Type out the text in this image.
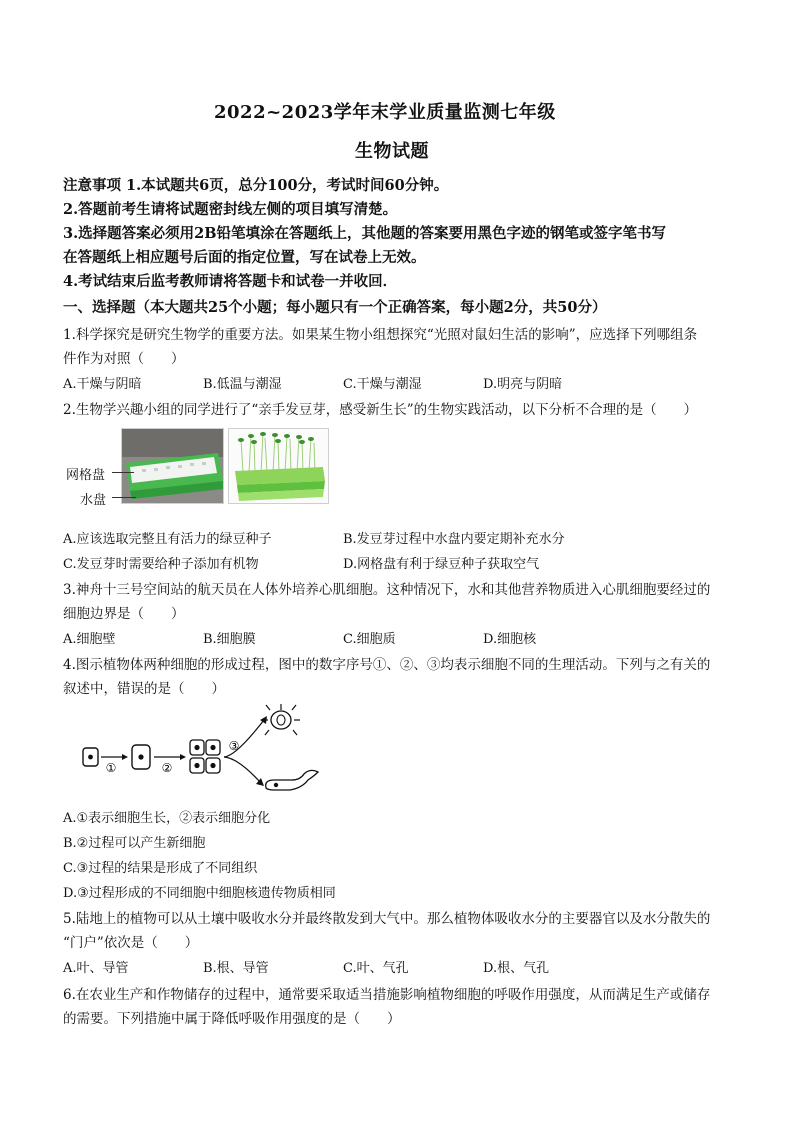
2022~2023学年末学业质量监测七年级
生物试题
注意事项 1.本试题共6页，总分100分，考试时间60分钟。
2.答题前考生请将试题密封线左侧的项目填写清楚。
3.选择题答案必须用2B铅笔填涂在答题纸上，其他题的答案要用黑色字迹的钢笔或签字笔书写
在答题纸上相应题号后面的指定位置，写在试卷上无效。
4.考试结束后监考教师请将答题卡和试卷一并收回．
一、选择题（本大题共25个小题；每小题只有一个正确答案，每小题2分，共50分）
1.科学探究是研究生物学的重要方法。如果某生物小组想探究“光照对鼠妇生活的影响”，应选择下列哪组条
件作为对照（　　）
A.干燥与阴暗	B.低温与潮湿	C.干燥与潮湿	D.明亮与阴暗
2.生物学兴趣小组的同学进行了“亲手发豆芽，感受新生长”的生物实践活动，以下分析不合理的是（　　）
网格盘
水盘
A.应该选取完整且有活力的绿豆种子	B.发豆芽过程中水盘内要定期补充水分
C.发豆芽时需要给种子添加有机物	D.网格盘有利于绿豆种子获取空气
3.神舟十三号空间站的航天员在人体外培养心肌细胞。这种情况下，水和其他营养物质进入心肌细胞要经过的
细胞边界是（　　）
A.细胞壁	B.细胞膜	C.细胞质	D.细胞核
4.图示植物体两种细胞的形成过程，图中的数字序号①、②、③均表示细胞不同的生理活动。下列与之有关的
叙述中，错误的是（　　）
①	②
③
A.①表示细胞生长，②表示细胞分化
B.②过程可以产生新细胞
C.③过程的结果是形成了不同组织
D.③过程形成的不同细胞中细胞核遗传物质相同
5.陆地上的植物可以从土壤中吸收水分并最终散发到大气中。那么植物体吸收水分的主要器官以及水分散失的
“门户”依次是（　　）
A.叶、导管	B.根、导管	C.叶、气孔	D.根、气孔
6.在农业生产和作物储存的过程中，通常要采取适当措施影响植物细胞的呼吸作用强度，从而满足生产或储存
的需要。下列措施中属于降低呼吸作用强度的是（　　）
